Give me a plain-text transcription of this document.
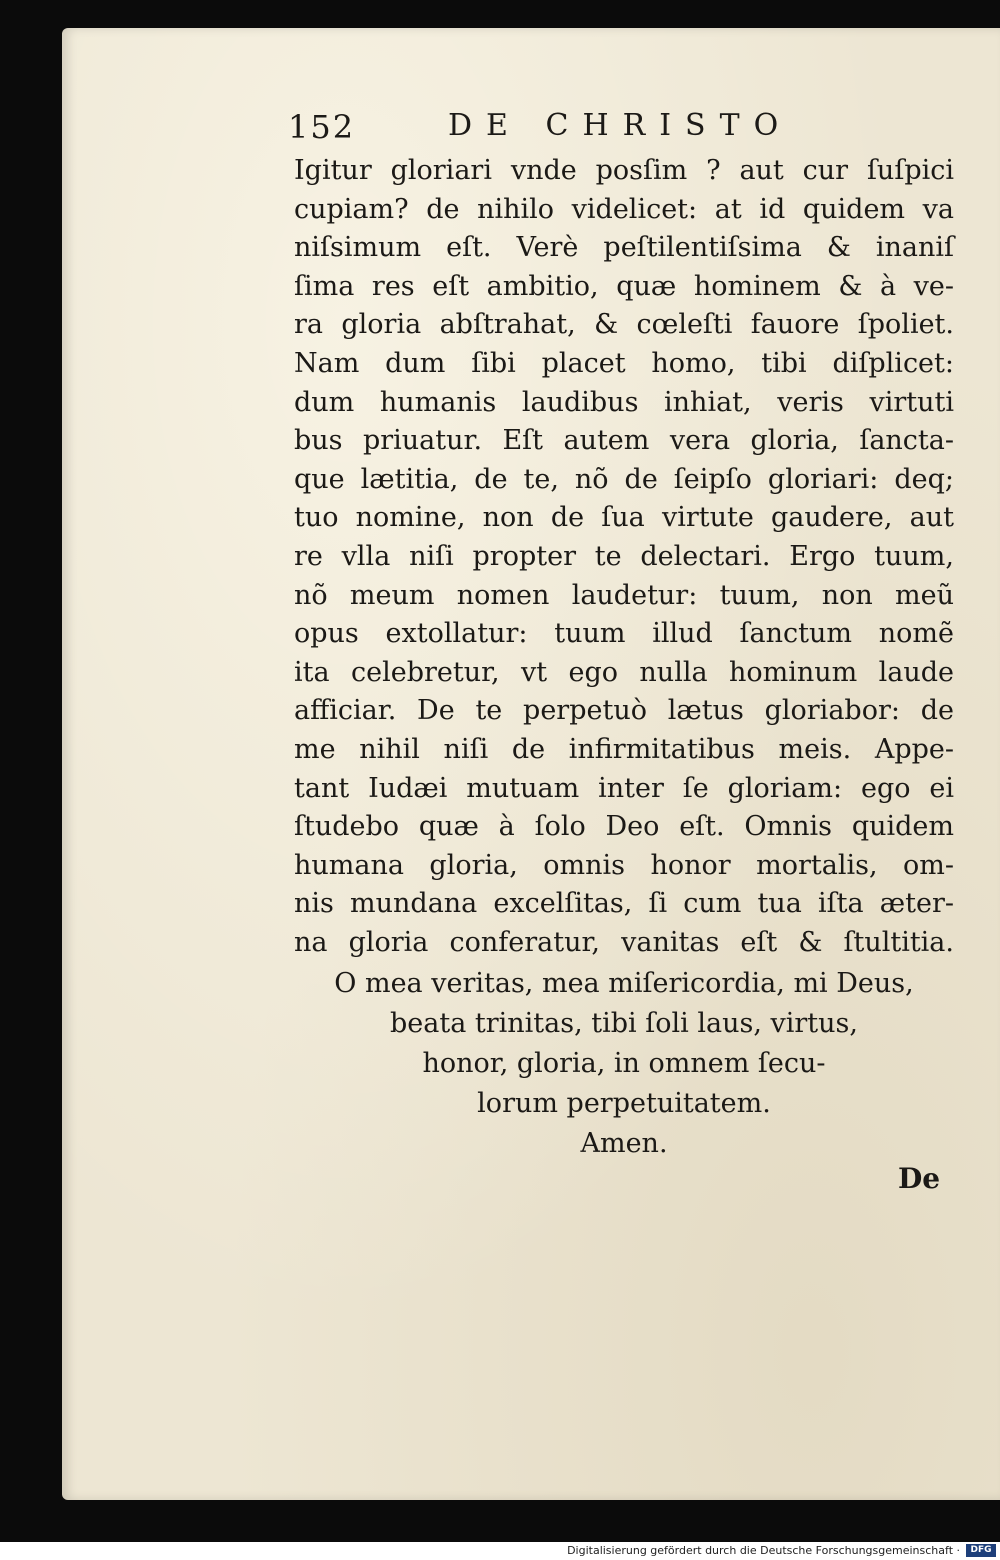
152	DE CHRISTO
Igitur gloriari vnde posſim ? aut cur ſuſpici
cupiam? de nihilo videlicet: at id quidem va
niſsimum eſt. Verè peſtilentiſsima & inaniſ
ſima res eſt ambitio, quæ hominem & à ve-
ra gloria abſtrahat, & cœleſti fauore ſpoliet.
Nam dum ſibi placet homo, tibi diſplicet:
dum humanis laudibus inhiat, veris virtuti
bus priuatur. Eſt autem vera gloria, ſancta-
que lætitia, de te, nõ de ſeipſo gloriari: deq;
tuo nomine, non de ſua virtute gaudere, aut
re vlla niſi propter te delectari. Ergo tuum,
nõ meum nomen laudetur: tuum, non meũ
opus extollatur: tuum illud ſanctum nomẽ
ita celebretur, vt ego nulla hominum laude
afficiar. De te perpetuò lætus gloriabor: de
me nihil niſi de infirmitatibus meis. Appe-
tant Iudæi mutuam inter ſe gloriam: ego ei
ſtudebo quæ à ſolo Deo eſt. Omnis quidem
humana gloria, omnis honor mortalis, om-
nis mundana excelſitas, ſi cum tua iſta æter-
na gloria conferatur, vanitas eſt & ſtultitia.
O mea veritas, mea miſericordia, mi Deus,
beata trinitas, tibi ſoli laus, virtus,
honor, gloria, in omnem ſecu-
lorum perpetuitatem.
Amen.
De
Digitalisierung gefördert durch die Deutsche Forschungsgemeinschaft ·	DFG
